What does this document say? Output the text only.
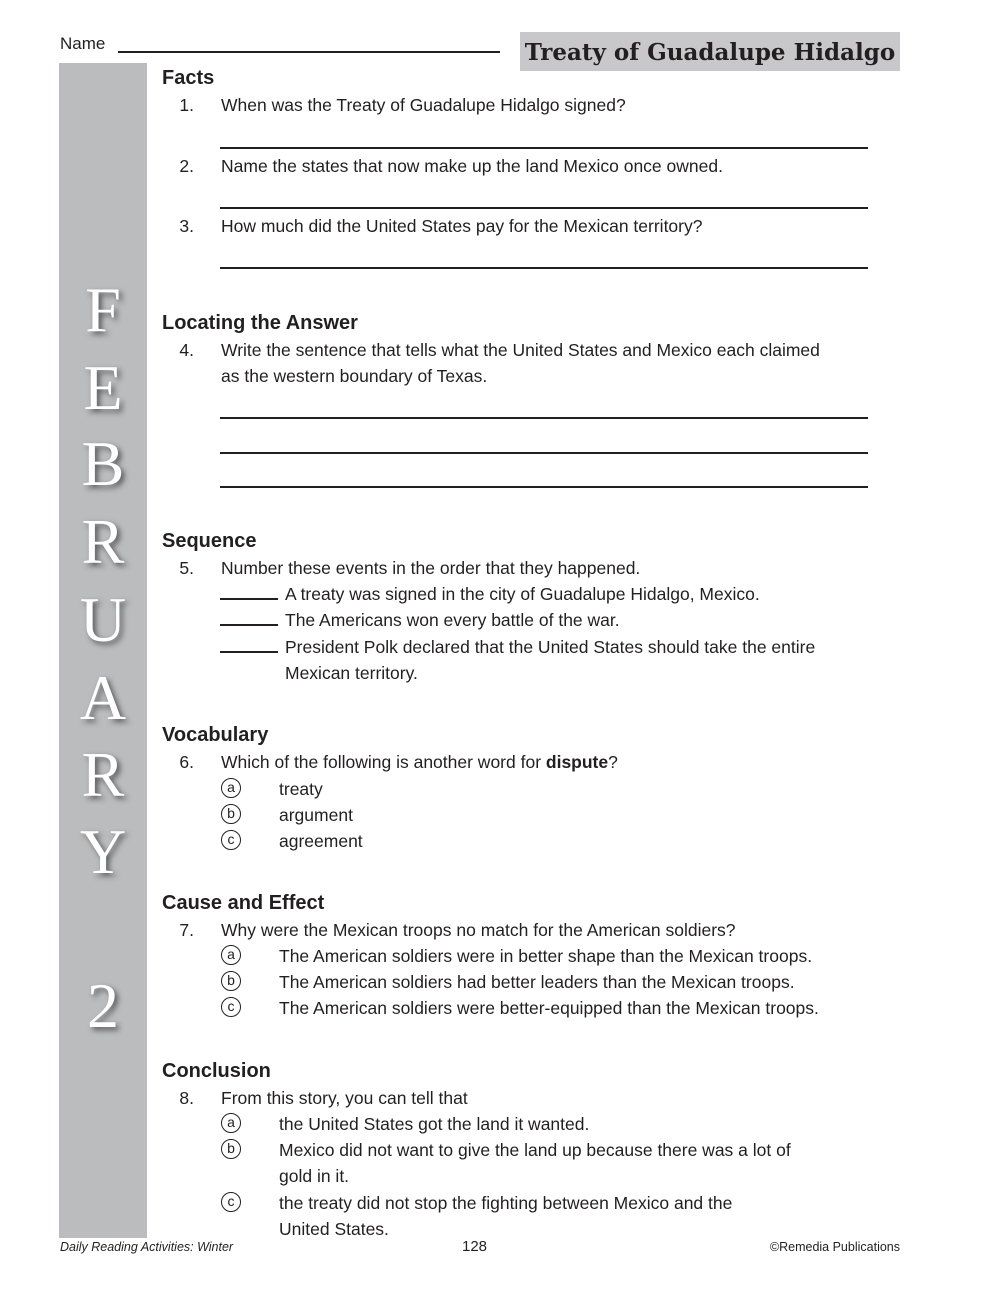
Name	Treaty of Guadalupe Hidalgo
F
E
B
R
U
A
R
Y
2
Facts
1. When was the Treaty of Guadalupe Hidalgo signed?
2. Name the states that now make up the land Mexico once owned.
3. How much did the United States pay for the Mexican territory?
Locating the Answer
4. Write the sentence that tells what the United States and Mexico each claimed
as the western boundary of Texas.
Sequence
5. Number these events in the order that they happened.
A treaty was signed in the city of Guadalupe Hidalgo, Mexico.
The Americans won every battle of the war.
President Polk declared that the United States should take the entire
Mexican territory.
Vocabulary
6. Which of the following is another word for dispute?
a	treaty
b	argument
c	agreement
Cause and Effect
7. Why were the Mexican troops no match for the American soldiers?
a	The American soldiers were in better shape than the Mexican troops.
b	The American soldiers had better leaders than the Mexican troops.
c	The American soldiers were better-equipped than the Mexican troops.
Conclusion
8. From this story, you can tell that
a	the United States got the land it wanted.
b	Mexico did not want to give the land up because there was a lot of
gold in it.
c	the treaty did not stop the fighting between Mexico and the
United States.
Daily Reading Activities: Winter	128	©Remedia Publications
